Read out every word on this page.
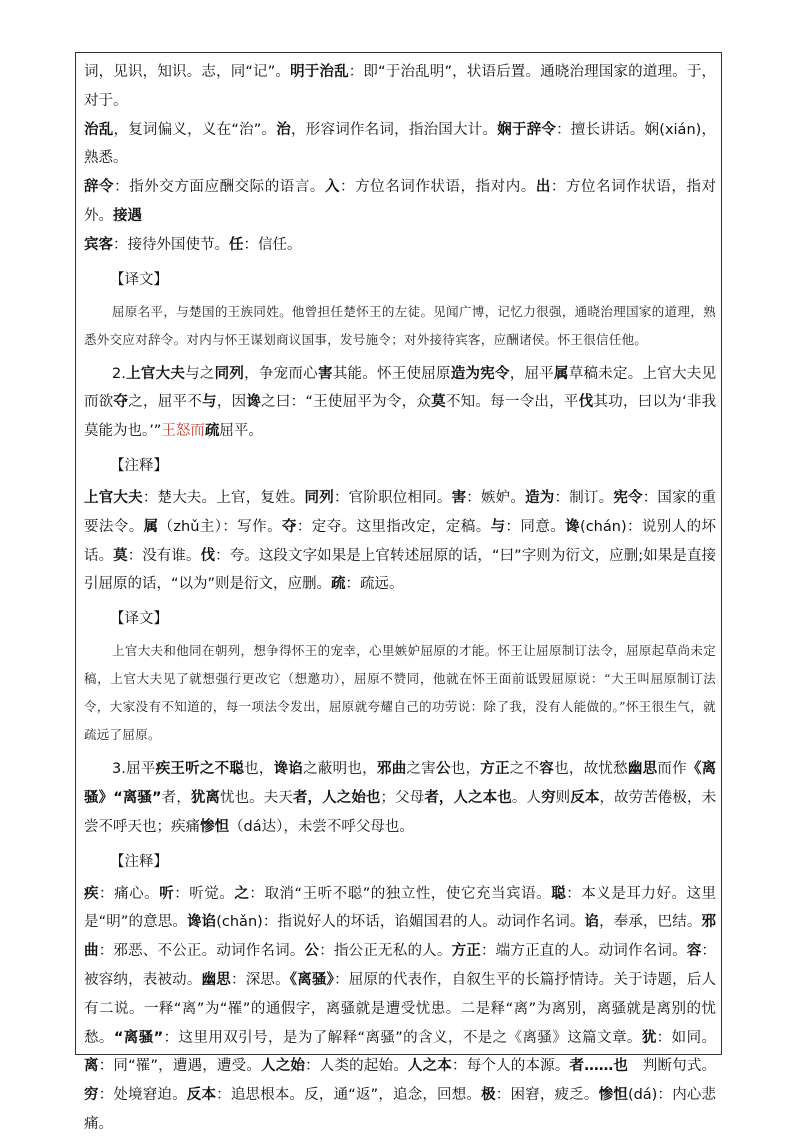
词，见识，知识。志，同“记”。明于治乱：即“于治乱明”，状语后置。通晓治理国家的道理。于，对于。

治乱，复词偏义，义在“治”。治，形容词作名词，指治国大计。娴于辞令：擅长讲话。娴(xián)，熟悉。

辞令：指外交方面应酬交际的语言。入：方位名词作状语，指对内。出：方位名词作状语，指对外。接遇

宾客：接待外国使节。任：信任。

【译文】

屈原名平，与楚国的王族同姓。他曾担任楚怀王的左徒。见闻广博，记忆力很强，通晓治理国家的道理，熟悉外交应对辞令。对内与怀王谋划商议国事，发号施令；对外接待宾客，应酬诸侯。怀王很信任他。

2.上官大夫与之同列，争宠而心害其能。怀王使屈原造为宪令，屈平属草稿未定。上官大夫见而欲夺之，屈平不与，因谗之曰：“王使屈平为令，众莫不知。每一令出，平伐其功，曰以为‘非我莫能为也。’”王怒而疏屈平。

【注释】

上官大夫：楚大夫。上官，复姓。同列：官阶职位相同。害：嫉妒。造为：制订。宪令：国家的重要法令。属（zhǔ主）：写作。夺：定夺。这里指改定，定稿。与：同意。谗(chán)：说别人的坏话。莫：没有谁。伐：夸。这段文字如果是上官转述屈原的话，“曰”字则为衍文，应删;如果是直接引屈原的话，“以为”则是衍文，应删。疏：疏远。

【译文】

上官大夫和他同在朝列，想争得怀王的宠幸，心里嫉妒屈原的才能。怀王让屈原制订法令，屈原起草尚未定稿，上官大夫见了就想强行更改它（想邀功），屈原不赞同，他就在怀王面前诋毁屈原说：“大王叫屈原制订法令，大家没有不知道的，每一项法令发出，屈原就夸耀自己的功劳说：除了我，没有人能做的。”怀王很生气，就疏远了屈原。

3.屈平疾王听之不聪也，谗谄之蔽明也，邪曲之害公也，方正之不容也，故忧愁幽思而作《离骚》“离骚”者，犹离忧也。夫天者，人之始也；父母者，人之本也。人穷则反本，故劳苦倦极，未尝不呼天也；疾痛惨怛（dá达），未尝不呼父母也。

【注释】

疾：痛心。听：听觉。之：取消“王听不聪”的独立性，使它充当宾语。聪：本义是耳力好。这里是“明”的意思。谗谄(chǎn)：指说好人的坏话，谄媚国君的人。动词作名词。谄，奉承，巴结。邪曲：邪恶、不公正。动词作名词。公：指公正无私的人。方正：端方正直的人。动词作名词。容：被容纳，表被动。幽思：深思。《离骚》：屈原的代表作，自叙生平的长篇抒情诗。关于诗题，后人有二说。一释“离”为“罹”的通假字，离骚就是遭受忧患。二是释“离”为离别，离骚就是离别的忧愁。“离骚”：这里用双引号，是为了解释“离骚”的含义，不是之《离骚》这篇文章。犹：如同。离：同“罹”，遭遇，遭受。人之始：人类的起始。人之本：每个人的本源。者……也　判断句式。穷：处境窘迫。反本：追思根本。反，通“返”，追念，回想。极：困窘，疲乏。惨怛(dá)：内心悲痛。
